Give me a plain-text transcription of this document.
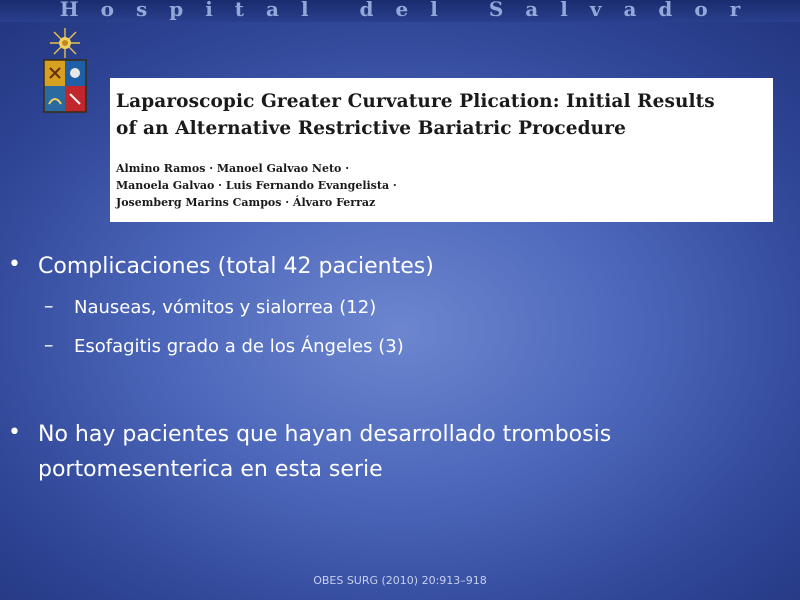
Hospital del Salvador
Laparoscopic Greater Curvature Plication: Initial Results
of an Alternative Restrictive Bariatric Procedure
Almino Ramos · Manoel Galvao Neto ·
Manoela Galvao · Luis Fernando Evangelista ·
Josemberg Marins Campos · Álvaro Ferraz
• Complicaciones (total 42 pacientes)
– Nauseas, vómitos y sialorrea (12)
– Esofagitis grado a de los Ángeles (3)
• No hay pacientes que hayan desarrollado trombosis
portomesenterica en esta serie
OBES SURG (2010) 20:913–918
